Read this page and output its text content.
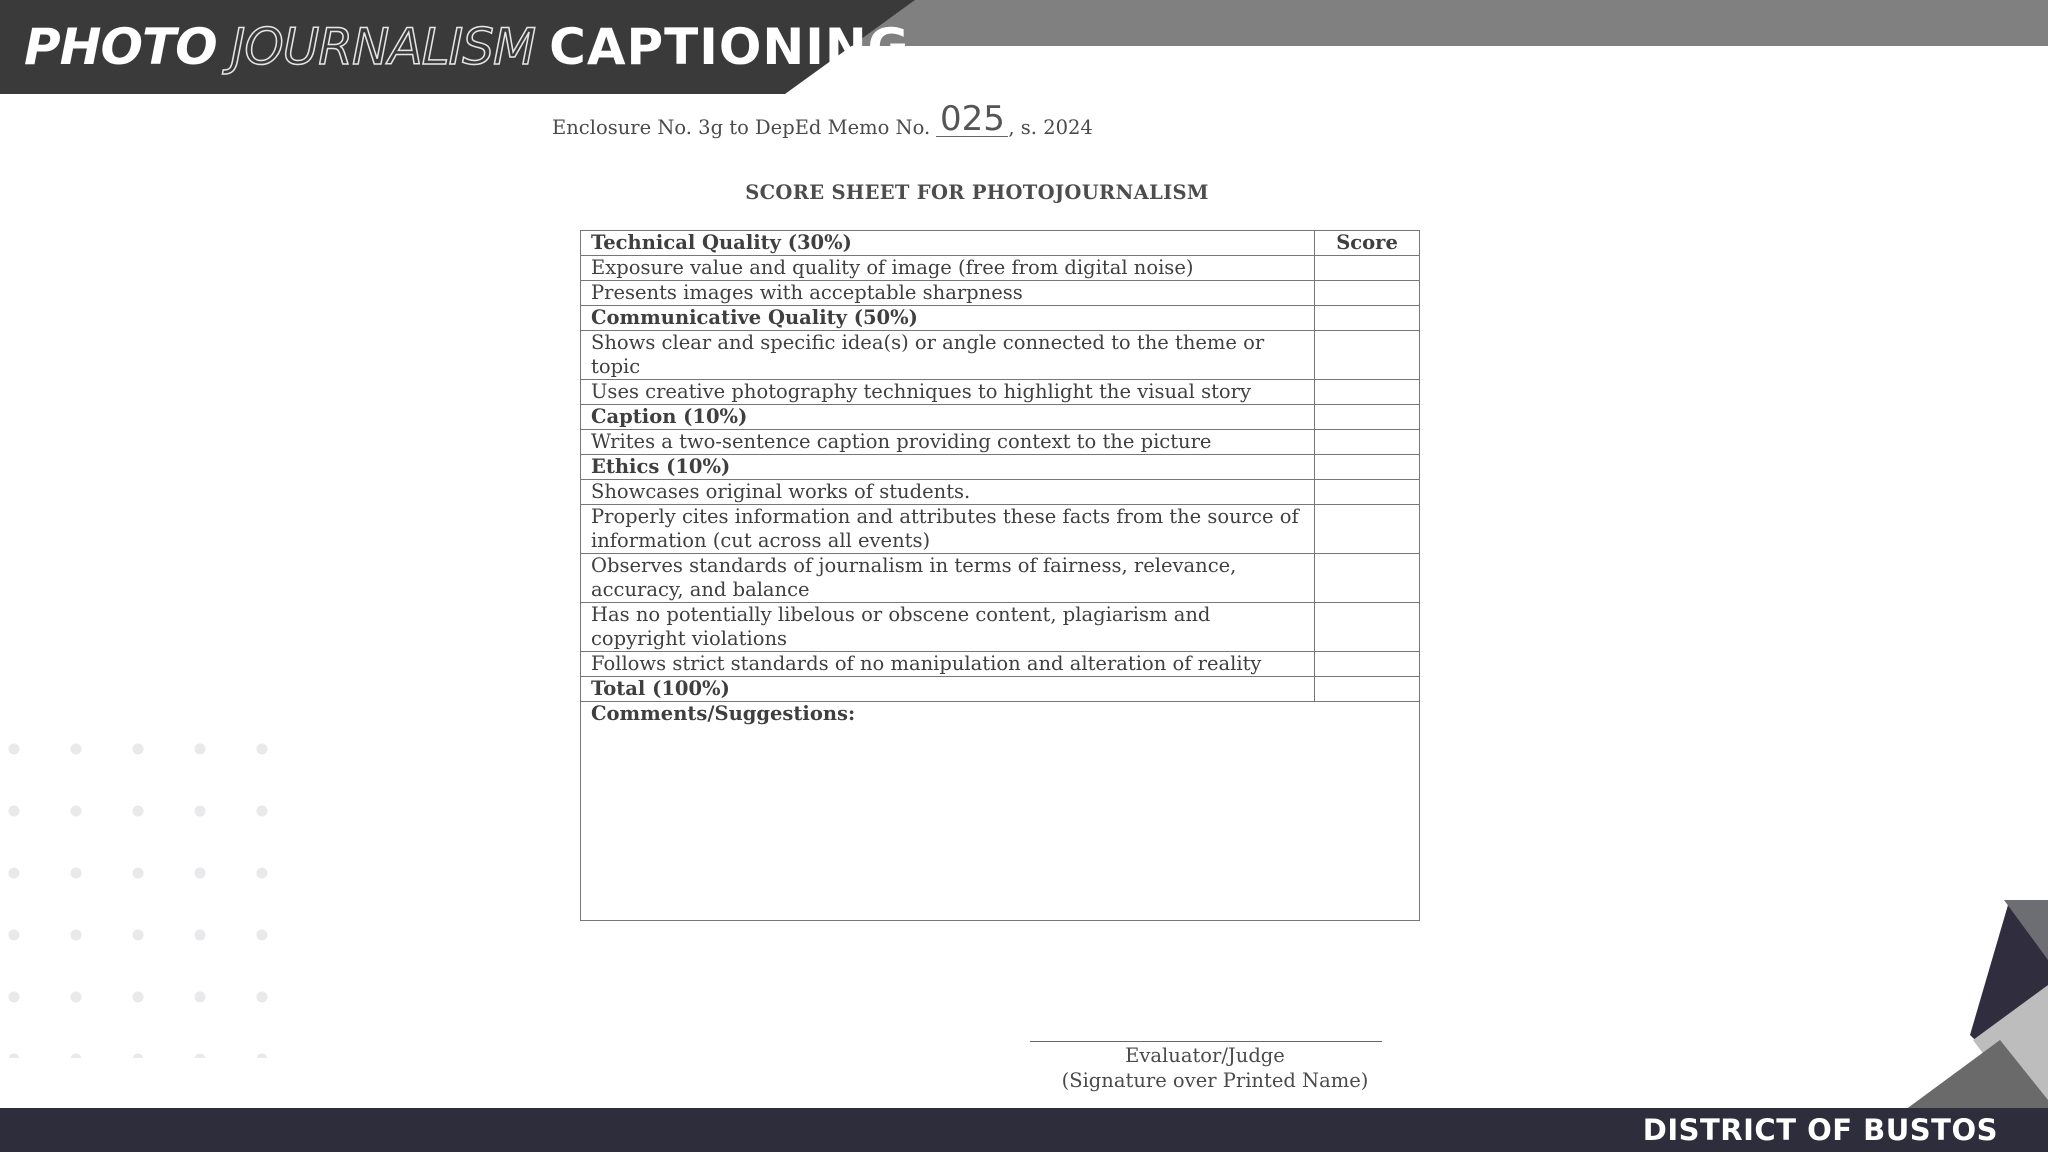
PHOTO JOURNALISM CAPTIONING
Enclosure No. 3g to DepEd Memo No. 025 , s. 2024
SCORE SHEET FOR PHOTOJOURNALISM
Technical Quality (30%)	Score
Exposure value and quality of image (free from digital noise)	
Presents images with acceptable sharpness	
Communicative Quality (50%)	
Shows clear and specific idea(s) or angle connected to the theme or topic	
Uses creative photography techniques to highlight the visual story	
Caption (10%)	
Writes a two-sentence caption providing context to the picture	
Ethics (10%)	
Showcases original works of students.	
Properly cites information and attributes these facts from the source of information (cut across all events)	
Observes standards of journalism in terms of fairness, relevance, accuracy, and balance	
Has no potentially libelous or obscene content, plagiarism and copyright violations	
Follows strict standards of no manipulation and alteration of reality	
Total (100%)	
Comments/Suggestions:	
Evaluator/Judge
(Signature over Printed Name)
DISTRICT OF BUSTOS
